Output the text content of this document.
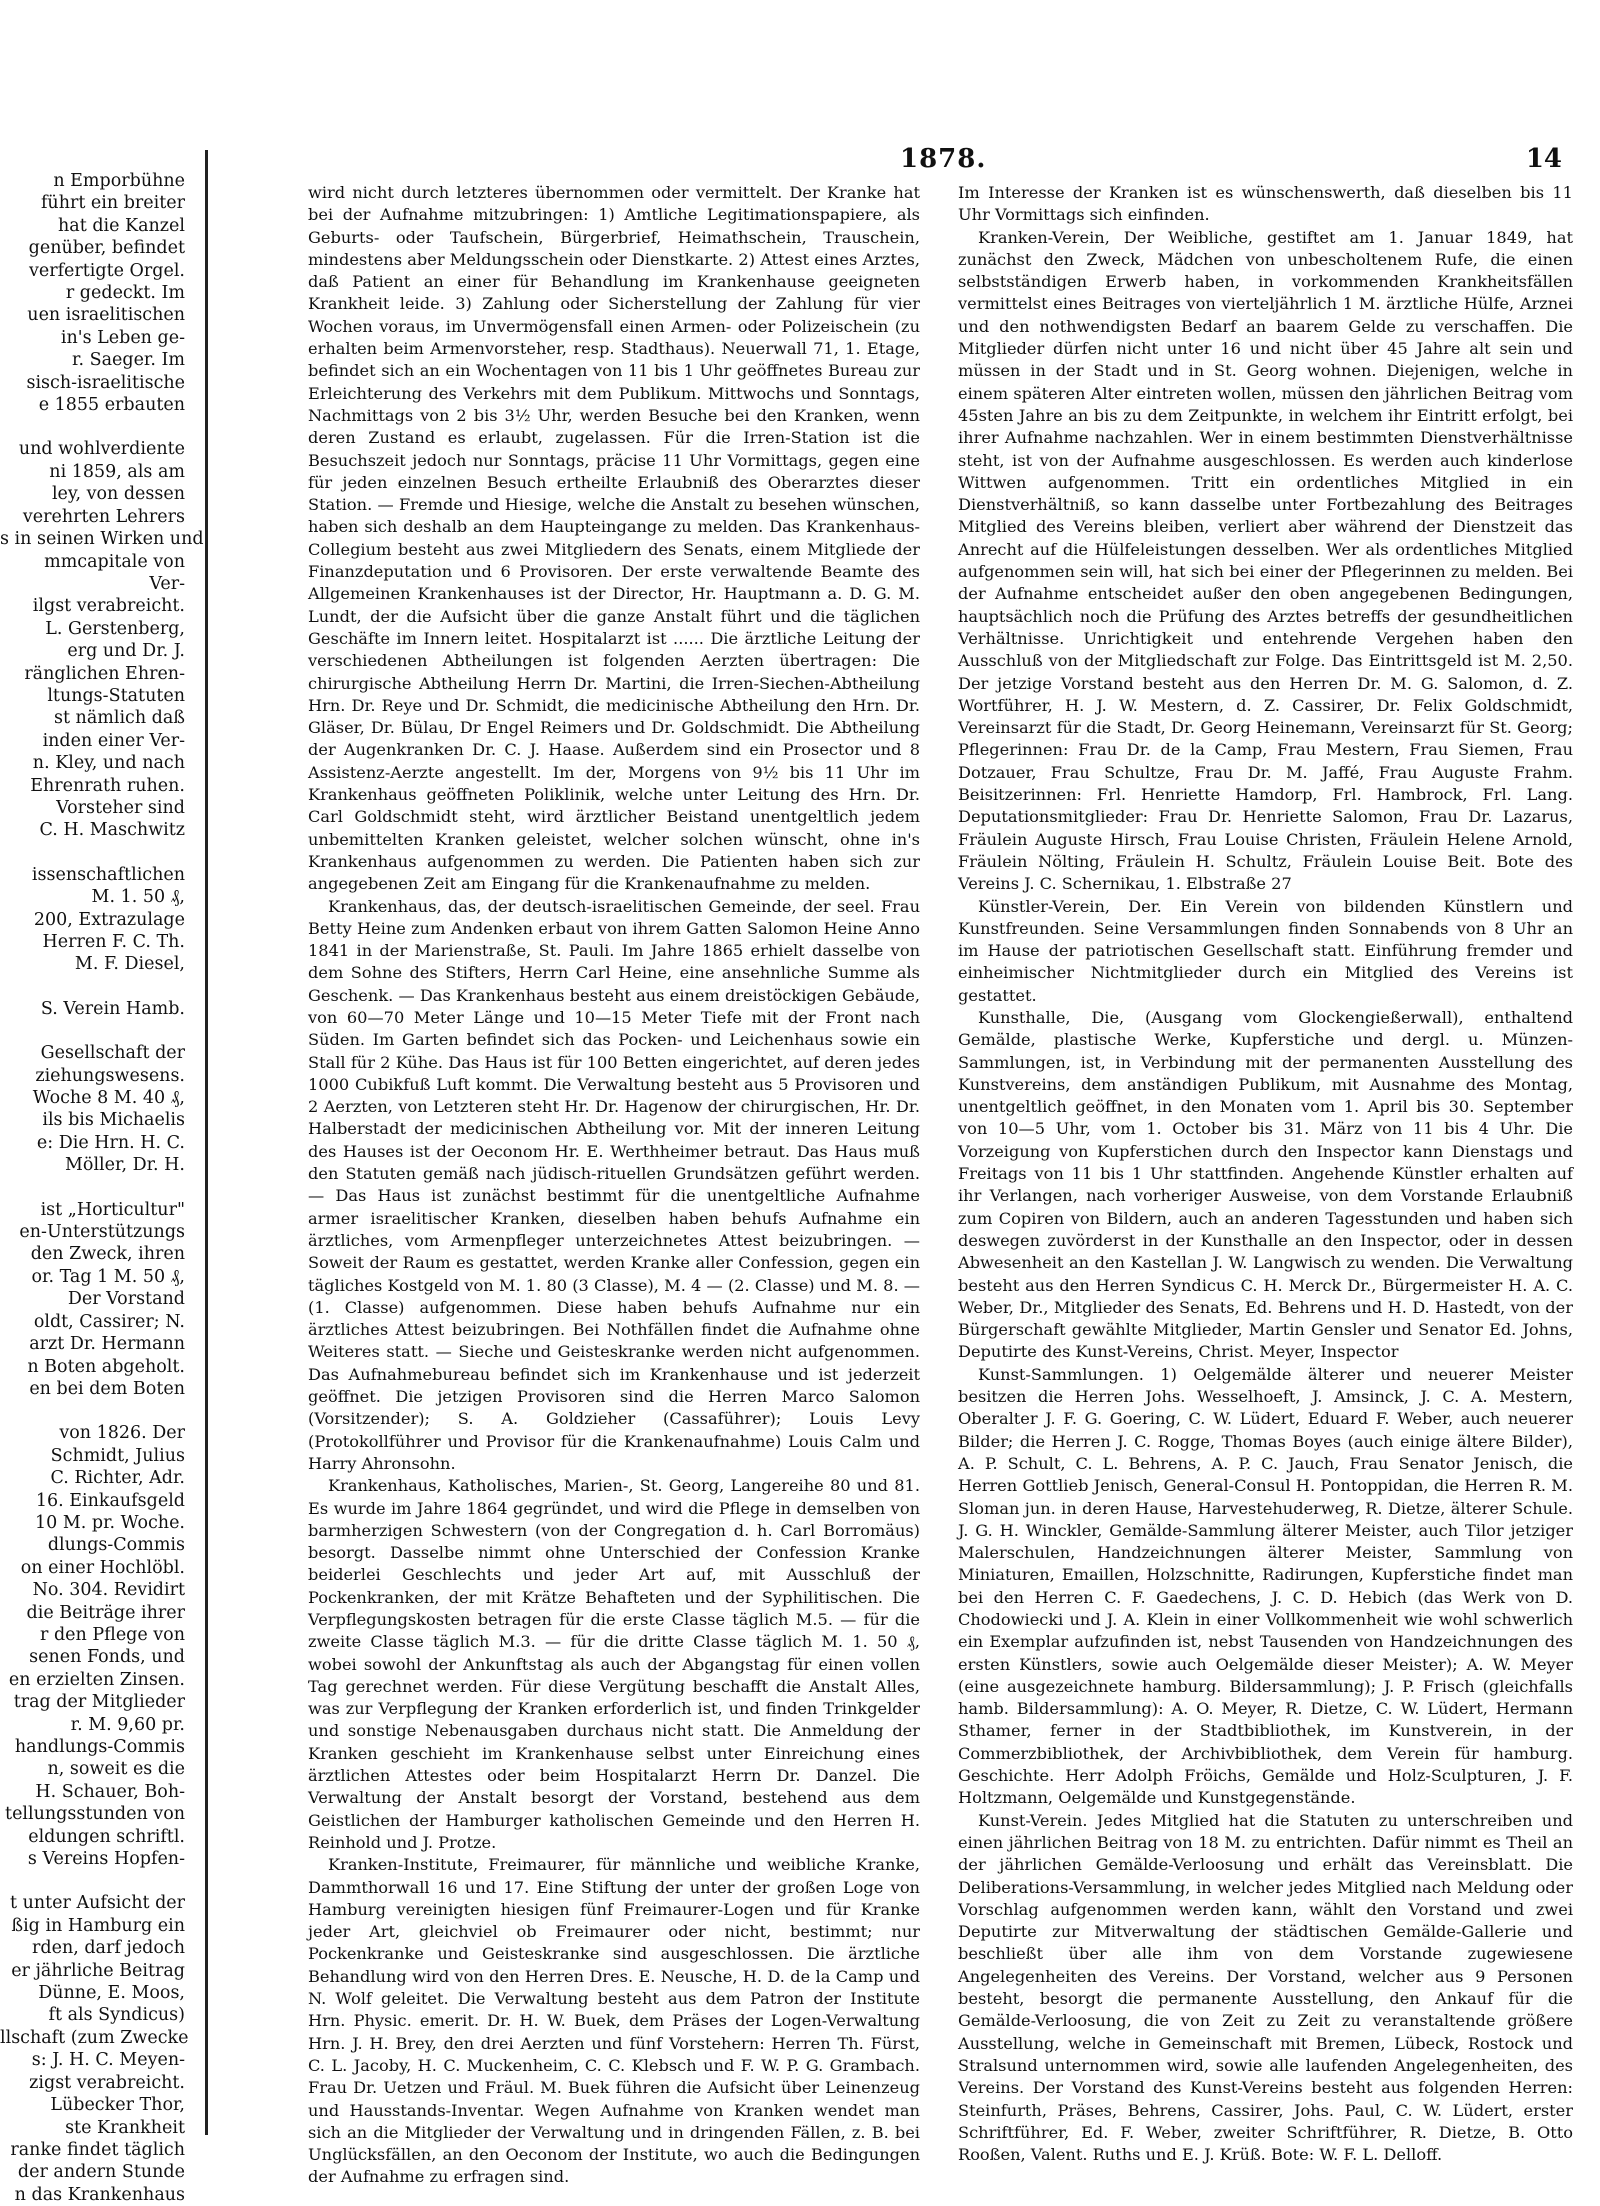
n Emporbühne
führt ein breiter
hat die Kanzel
genüber, befindet
verfertigte Orgel.
r gedeckt. Im
uen israelitischen
in's Leben ge-
r. Saeger. Im
sisch-israelitische
e 1855 erbauten
und wohlverdiente
ni 1859, als am
ley, von dessen
verehrten Lehrers
s in seinen Wirken und
mmcapitale von
Ver-
ilgst verabreicht.
L. Gerstenberg,
erg und Dr. J.
ränglichen Ehren-
ltungs-Statuten
st nämlich daß
inden einer Ver-
n. Kley, und nach
Ehrenrath ruhen.
Vorsteher sind
C. H. Maschwitz
issenschaftlichen
M. 1. 50 ₰,
200, Extrazulage
Herren F. C. Th.
M. F. Diesel,
S. Verein Hamb.
Gesellschaft der
ziehungswesens.
Woche 8 M. 40 ₰,
ils bis Michaelis
e: Die Hrn. H. C.
Möller, Dr. H.
ist „Horticultur"
en-Unterstützungs
den Zweck, ihren
or. Tag 1 M. 50 ₰,
Der Vorstand
oldt, Cassirer; N.
arzt Dr. Hermann
n Boten abgeholt.
en bei dem Boten
von 1826. Der
Schmidt, Julius
C. Richter, Adr.
16. Einkaufsgeld
10 M. pr. Woche.
dlungs-Commis
on einer Hochlöbl.
No. 304. Revidirt
die Beiträge ihrer
r den Pflege von
senen Fonds, und
en erzielten Zinsen.
trag der Mitglieder
r. M. 9,60 pr.
handlungs-Commis
n, soweit es die
H. Schauer, Boh-
tellungsstunden von
eldungen schriftl.
s Vereins Hopfen-
t unter Aufsicht der
ßig in Hamburg ein
rden, darf jedoch
er jährliche Beitrag
Dünne, E. Moos,
ft als Syndicus)
llschaft (zum Zwecke
s: J. H. C. Meyen-
zigst verabreicht.
Lübecker Thor,
ste Krankheit
ranke findet täglich
der andern Stunde
n das Krankenhaus
1878.	14

wird nicht durch letzteres übernommen oder vermittelt. Der Kranke hat bei der Aufnahme mitzubringen: 1) Amtliche Legitimationspapiere, als Geburts- oder Taufschein, Bürgerbrief, Heimathschein, Trauschein, mindestens aber Meldungsschein oder Dienstkarte. 2) Attest eines Arztes, daß Patient an einer für Behandlung im Krankenhause geeigneten Krankheit leide. 3) Zahlung oder Sicherstellung der Zahlung für vier Wochen voraus, im Unvermögensfall einen Armen- oder Polizeischein (zu erhalten beim Armenvorsteher, resp. Stadthaus). Neuerwall 71, 1. Etage, befindet sich an ein Wochentagen von 11 bis 1 Uhr geöffnetes Bureau zur Erleichterung des Verkehrs mit dem Publikum. Mittwochs und Sonntags, Nachmittags von 2 bis 3½ Uhr, werden Besuche bei den Kranken, wenn deren Zustand es erlaubt, zugelassen. Für die Irren-Station ist die Besuchszeit jedoch nur Sonntags, präcise 11 Uhr Vormittags, gegen eine für jeden einzelnen Besuch ertheilte Erlaubniß des Oberarztes dieser Station. — Fremde und Hiesige, welche die Anstalt zu besehen wünschen, haben sich deshalb an dem Haupteingange zu melden. Das Krankenhaus-Collegium besteht aus zwei Mitgliedern des Senats, einem Mitgliede der Finanzdeputation und 6 Provisoren. Der erste verwaltende Beamte des Allgemeinen Krankenhauses ist der Director, Hr. Hauptmann a. D. G. M. Lundt, der die Aufsicht über die ganze Anstalt führt und die täglichen Geschäfte im Innern leitet. Hospitalarzt ist ...... Die ärztliche Leitung der verschiedenen Abtheilungen ist folgenden Aerzten übertragen: Die chirurgische Abtheilung Herrn Dr. Martini, die Irren-Siechen-Abtheilung Hrn. Dr. Reye und Dr. Schmidt, die medicinische Abtheilung den Hrn. Dr. Gläser, Dr. Bülau, Dr Engel Reimers und Dr. Goldschmidt. Die Abtheilung der Augenkranken Dr. C. J. Haase. Außerdem sind ein Prosector und 8 Assistenz-Aerzte angestellt. Im der, Morgens von 9½ bis 11 Uhr im Krankenhaus geöffneten Poliklinik, welche unter Leitung des Hrn. Dr. Carl Goldschmidt steht, wird ärztlicher Beistand unentgeltlich jedem unbemittelten Kranken geleistet, welcher solchen wünscht, ohne in's Krankenhaus aufgenommen zu werden. Die Patienten haben sich zur angegebenen Zeit am Eingang für die Krankenaufnahme zu melden.

Krankenhaus, das, der deutsch-israelitischen Gemeinde, der seel. Frau Betty Heine zum Andenken erbaut von ihrem Gatten Salomon Heine Anno 1841 in der Marienstraße, St. Pauli. Im Jahre 1865 erhielt dasselbe von dem Sohne des Stifters, Herrn Carl Heine, eine ansehnliche Summe als Geschenk. — Das Krankenhaus besteht aus einem dreistöckigen Gebäude, von 60—70 Meter Länge und 10—15 Meter Tiefe mit der Front nach Süden. Im Garten befindet sich das Pocken- und Leichenhaus sowie ein Stall für 2 Kühe. Das Haus ist für 100 Betten eingerichtet, auf deren jedes 1000 Cubikfuß Luft kommt. Die Verwaltung besteht aus 5 Provisoren und 2 Aerzten, von Letzteren steht Hr. Dr. Hagenow der chirurgischen, Hr. Dr. Halberstadt der medicinischen Abtheilung vor. Mit der inneren Leitung des Hauses ist der Oeconom Hr. E. Werthheimer betraut. Das Haus muß den Statuten gemäß nach jüdisch-rituellen Grundsätzen geführt werden. — Das Haus ist zunächst bestimmt für die unentgeltliche Aufnahme armer israelitischer Kranken, dieselben haben behufs Aufnahme ein ärztliches, vom Armenpfleger unterzeichnetes Attest beizubringen. — Soweit der Raum es gestattet, werden Kranke aller Confession, gegen ein tägliches Kostgeld von M. 1. 80 (3 Classe), M. 4 — (2. Classe) und M. 8. — (1. Classe) aufgenommen. Diese haben behufs Aufnahme nur ein ärztliches Attest beizubringen. Bei Nothfällen findet die Aufnahme ohne Weiteres statt. — Sieche und Geisteskranke werden nicht aufgenommen. Das Aufnahmebureau befindet sich im Krankenhause und ist jederzeit geöffnet. Die jetzigen Provisoren sind die Herren Marco Salomon (Vorsitzender); S. A. Goldzieher (Cassaführer); Louis Levy (Protokollführer und Provisor für die Krankenaufnahme) Louis Calm und Harry Ahronsohn.

Krankenhaus, Katholisches, Marien-, St. Georg, Langereihe 80 und 81. Es wurde im Jahre 1864 gegründet, und wird die Pflege in demselben von barmherzigen Schwestern (von der Congregation d. h. Carl Borromäus) besorgt. Dasselbe nimmt ohne Unterschied der Confession Kranke beiderlei Geschlechts und jeder Art auf, mit Ausschluß der Pockenkranken, der mit Krätze Behafteten und der Syphilitischen. Die Verpflegungskosten betragen für die erste Classe täglich M.5. — für die zweite Classe täglich M.3. — für die dritte Classe täglich M. 1. 50 ₰, wobei sowohl der Ankunftstag als auch der Abgangstag für einen vollen Tag gerechnet werden. Für diese Vergütung beschafft die Anstalt Alles, was zur Verpflegung der Kranken erforderlich ist, und finden Trinkgelder und sonstige Nebenausgaben durchaus nicht statt. Die Anmeldung der Kranken geschieht im Krankenhause selbst unter Einreichung eines ärztlichen Attestes oder beim Hospitalarzt Herrn Dr. Danzel. Die Verwaltung der Anstalt besorgt der Vorstand, bestehend aus dem Geistlichen der Hamburger katholischen Gemeinde und den Herren H. Reinhold und J. Protze.

Kranken-Institute, Freimaurer, für männliche und weibliche Kranke, Dammthorwall 16 und 17. Eine Stiftung der unter der großen Loge von Hamburg vereinigten hiesigen fünf Freimaurer-Logen und für Kranke jeder Art, gleichviel ob Freimaurer oder nicht, bestimmt; nur Pockenkranke und Geisteskranke sind ausgeschlossen. Die ärztliche Behandlung wird von den Herren Dres. E. Neusche, H. D. de la Camp und N. Wolf geleitet. Die Verwaltung besteht aus dem Patron der Institute Hrn. Physic. emerit. Dr. H. W. Buek, dem Präses der Logen-Verwaltung Hrn. J. H. Brey, den drei Aerzten und fünf Vorstehern: Herren Th. Fürst, C. L. Jacoby, H. C. Muckenheim, C. C. Klebsch und F. W. P. G. Grambach. Frau Dr. Uetzen und Fräul. M. Buek führen die Aufsicht über Leinenzeug und Hausstands-Inventar. Wegen Aufnahme von Kranken wendet man sich an die Mitglieder der Verwaltung und in dringenden Fällen, z. B. bei Unglücksfällen, an den Oeconom der Institute, wo auch die Bedingungen der Aufnahme zu erfragen sind.

Im Interesse der Kranken ist es wünschenswerth, daß dieselben bis 11 Uhr Vormittags sich einfinden.

Kranken-Verein, Der Weibliche, gestiftet am 1. Januar 1849, hat zunächst den Zweck, Mädchen von unbescholtenem Rufe, die einen selbstständigen Erwerb haben, in vorkommenden Krankheitsfällen vermittelst eines Beitrages von vierteljährlich 1 M. ärztliche Hülfe, Arznei und den nothwendigsten Bedarf an baarem Gelde zu verschaffen. Die Mitglieder dürfen nicht unter 16 und nicht über 45 Jahre alt sein und müssen in der Stadt und in St. Georg wohnen. Diejenigen, welche in einem späteren Alter eintreten wollen, müssen den jährlichen Beitrag vom 45sten Jahre an bis zu dem Zeitpunkte, in welchem ihr Eintritt erfolgt, bei ihrer Aufnahme nachzahlen. Wer in einem bestimmten Dienstverhältnisse steht, ist von der Aufnahme ausgeschlossen. Es werden auch kinderlose Wittwen aufgenommen. Tritt ein ordentliches Mitglied in ein Dienstverhältniß, so kann dasselbe unter Fortbezahlung des Beitrages Mitglied des Vereins bleiben, verliert aber während der Dienstzeit das Anrecht auf die Hülfeleistungen desselben. Wer als ordentliches Mitglied aufgenommen sein will, hat sich bei einer der Pflegerinnen zu melden. Bei der Aufnahme entscheidet außer den oben angegebenen Bedingungen, hauptsächlich noch die Prüfung des Arztes betreffs der gesundheitlichen Verhältnisse. Unrichtigkeit und entehrende Vergehen haben den Ausschluß von der Mitgliedschaft zur Folge. Das Eintrittsgeld ist M. 2,50. Der jetzige Vorstand besteht aus den Herren Dr. M. G. Salomon, d. Z. Wortführer, H. J. W. Mestern, d. Z. Cassirer, Dr. Felix Goldschmidt, Vereinsarzt für die Stadt, Dr. Georg Heinemann, Vereinsarzt für St. Georg; Pflegerinnen: Frau Dr. de la Camp, Frau Mestern, Frau Siemen, Frau Dotzauer, Frau Schultze, Frau Dr. M. Jaffé, Frau Auguste Frahm. Beisitzerinnen: Frl. Henriette Hamdorp, Frl. Hambrock, Frl. Lang. Deputationsmitglieder: Frau Dr. Henriette Salomon, Frau Dr. Lazarus, Fräulein Auguste Hirsch, Frau Louise Christen, Fräulein Helene Arnold, Fräulein Nölting, Fräulein H. Schultz, Fräulein Louise Beit. Bote des Vereins J. C. Schernikau, 1. Elbstraße 27

Künstler-Verein, Der. Ein Verein von bildenden Künstlern und Kunstfreunden. Seine Versammlungen finden Sonnabends von 8 Uhr an im Hause der patriotischen Gesellschaft statt. Einführung fremder und einheimischer Nichtmitglieder durch ein Mitglied des Vereins ist gestattet.

Kunsthalle, Die, (Ausgang vom Glockengießerwall), enthaltend Gemälde, plastische Werke, Kupferstiche und dergl. u. Münzen-Sammlungen, ist, in Verbindung mit der permanenten Ausstellung des Kunstvereins, dem anständigen Publikum, mit Ausnahme des Montag, unentgeltlich geöffnet, in den Monaten vom 1. April bis 30. September von 10—5 Uhr, vom 1. October bis 31. März von 11 bis 4 Uhr. Die Vorzeigung von Kupferstichen durch den Inspector kann Dienstags und Freitags von 11 bis 1 Uhr stattfinden. Angehende Künstler erhalten auf ihr Verlangen, nach vorheriger Ausweise, von dem Vorstande Erlaubniß zum Copiren von Bildern, auch an anderen Tagesstunden und haben sich deswegen zuvörderst in der Kunsthalle an den Inspector, oder in dessen Abwesenheit an den Kastellan J. W. Langwisch zu wenden. Die Verwaltung besteht aus den Herren Syndicus C. H. Merck Dr., Bürgermeister H. A. C. Weber, Dr., Mitglieder des Senats, Ed. Behrens und H. D. Hastedt, von der Bürgerschaft gewählte Mitglieder, Martin Gensler und Senator Ed. Johns, Deputirte des Kunst-Vereins, Christ. Meyer, Inspector

Kunst-Sammlungen. 1) Oelgemälde älterer und neuerer Meister besitzen die Herren Johs. Wesselhoeft, J. Amsinck, J. C. A. Mestern, Oberalter J. F. G. Goering, C. W. Lüdert, Eduard F. Weber, auch neuerer Bilder; die Herren J. C. Rogge, Thomas Boyes (auch einige ältere Bilder), A. P. Schult, C. L. Behrens, A. P. C. Jauch, Frau Senator Jenisch, die Herren Gottlieb Jenisch, General-Consul H. Pontoppidan, die Herren R. M. Sloman jun. in deren Hause, Harvestehuderweg, R. Dietze, älterer Schule. J. G. H. Winckler, Gemälde-Sammlung älterer Meister, auch Tilor jetziger Malerschulen, Handzeichnungen älterer Meister, Sammlung von Miniaturen, Emaillen, Holzschnitte, Radirungen, Kupferstiche findet man bei den Herren C. F. Gaedechens, J. C. D. Hebich (das Werk von D. Chodowiecki und J. A. Klein in einer Vollkommenheit wie wohl schwerlich ein Exemplar aufzufinden ist, nebst Tausenden von Handzeichnungen des ersten Künstlers, sowie auch Oelgemälde dieser Meister); A. W. Meyer (eine ausgezeichnete hamburg. Bildersammlung); J. P. Frisch (gleichfalls hamb. Bildersammlung): A. O. Meyer, R. Dietze, C. W. Lüdert, Hermann Sthamer, ferner in der Stadtbibliothek, im Kunstverein, in der Commerzbibliothek, der Archivbibliothek, dem Verein für hamburg. Geschichte. Herr Adolph Fröichs, Gemälde und Holz-Sculpturen, J. F. Holtzmann, Oelgemälde und Kunstgegenstände.

Kunst-Verein. Jedes Mitglied hat die Statuten zu unterschreiben und einen jährlichen Beitrag von 18 M. zu entrichten. Dafür nimmt es Theil an der jährlichen Gemälde-Verloosung und erhält das Vereinsblatt. Die Deliberations-Versammlung, in welcher jedes Mitglied nach Meldung oder Vorschlag aufgenommen werden kann, wählt den Vorstand und zwei Deputirte zur Mitverwaltung der städtischen Gemälde-Gallerie und beschließt über alle ihm von dem Vorstande zugewiesene Angelegenheiten des Vereins. Der Vorstand, welcher aus 9 Personen besteht, besorgt die permanente Ausstellung, den Ankauf für die Gemälde-Verloosung, die von Zeit zu Zeit zu veranstaltende größere Ausstellung, welche in Gemeinschaft mit Bremen, Lübeck, Rostock und Stralsund unternommen wird, sowie alle laufenden Angelegenheiten, des Vereins. Der Vorstand des Kunst-Vereins besteht aus folgenden Herren: Steinfurth, Präses, Behrens, Cassirer, Johs. Paul, C. W. Lüdert, erster Schriftführer, Ed. F. Weber, zweiter Schriftführer, R. Dietze, B. Otto Rooßen, Valent. Ruths und E. J. Krüß. Bote: W. F. L. Delloff.
